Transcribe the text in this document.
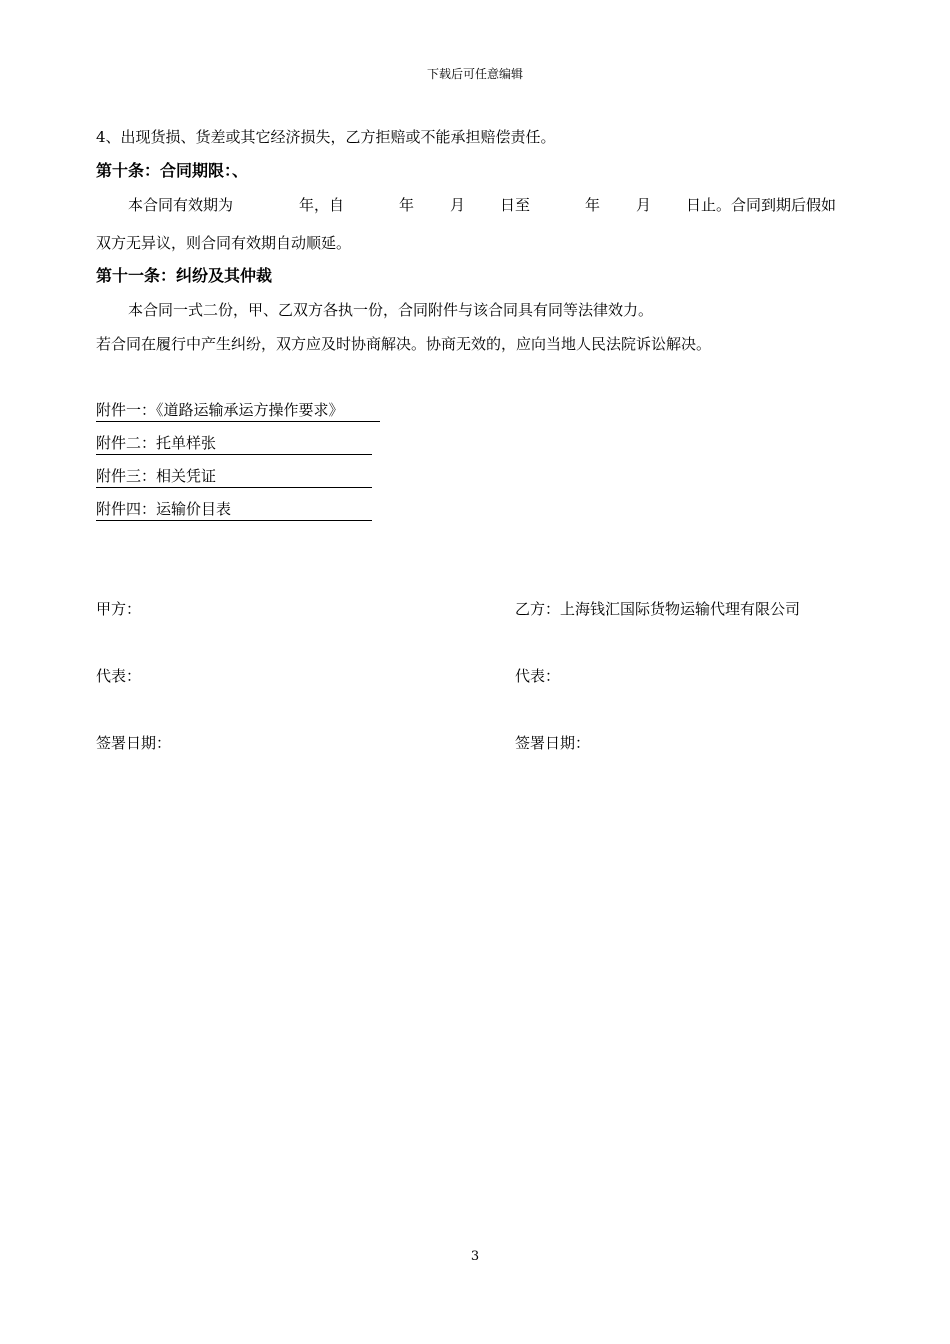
下载后可任意编辑
4、出现货损、货差或其它经济损失，乙方拒赔或不能承担赔偿责任。
第十条：合同期限：、
本合同有效期为	年，自	年 月 日至	年 月 日止。合同到期后假如
双方无异议，则合同有效期自动顺延。
第十一条：纠纷及其仲裁
本合同一式二份，甲、乙双方各执一份，合同附件与该合同具有同等法律效力。
若合同在履行中产生纠纷，双方应及时协商解决。协商无效的，应向当地人民法院诉讼解决。
附件一：《道路运输承运方操作要求》
附件二：托单样张
附件三：相关凭证
附件四：运输价目表
甲方：	乙方：上海钱汇国际货物运输代理有限公司
代表：	代表：
签署日期：	签署日期：
3
